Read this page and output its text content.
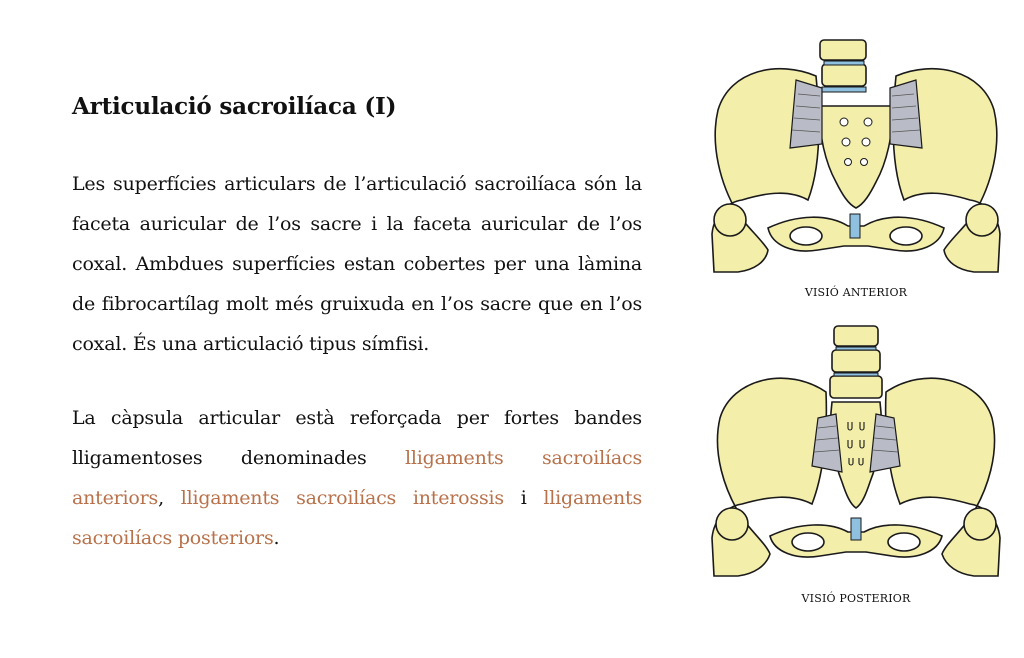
Articulació sacroilíaca (I)

Les superfícies articulars de l’articulació sacroilíaca són la faceta auricular de l’os sacre i la faceta auricular de l’os coxal. Ambdues superfícies estan cobertes per una làmina de fibrocartílag molt més gruixuda en l’os sacre que en l’os coxal. És una articulació tipus símfisi.

La càpsula articular està reforçada per fortes bandes lligamentoses denominades lligaments sacroilíacs anteriors, lligaments sacroilíacs interossis i lligaments sacroilíacs posteriors.

VISIÓ ANTERIOR
VISIÓ POSTERIOR
